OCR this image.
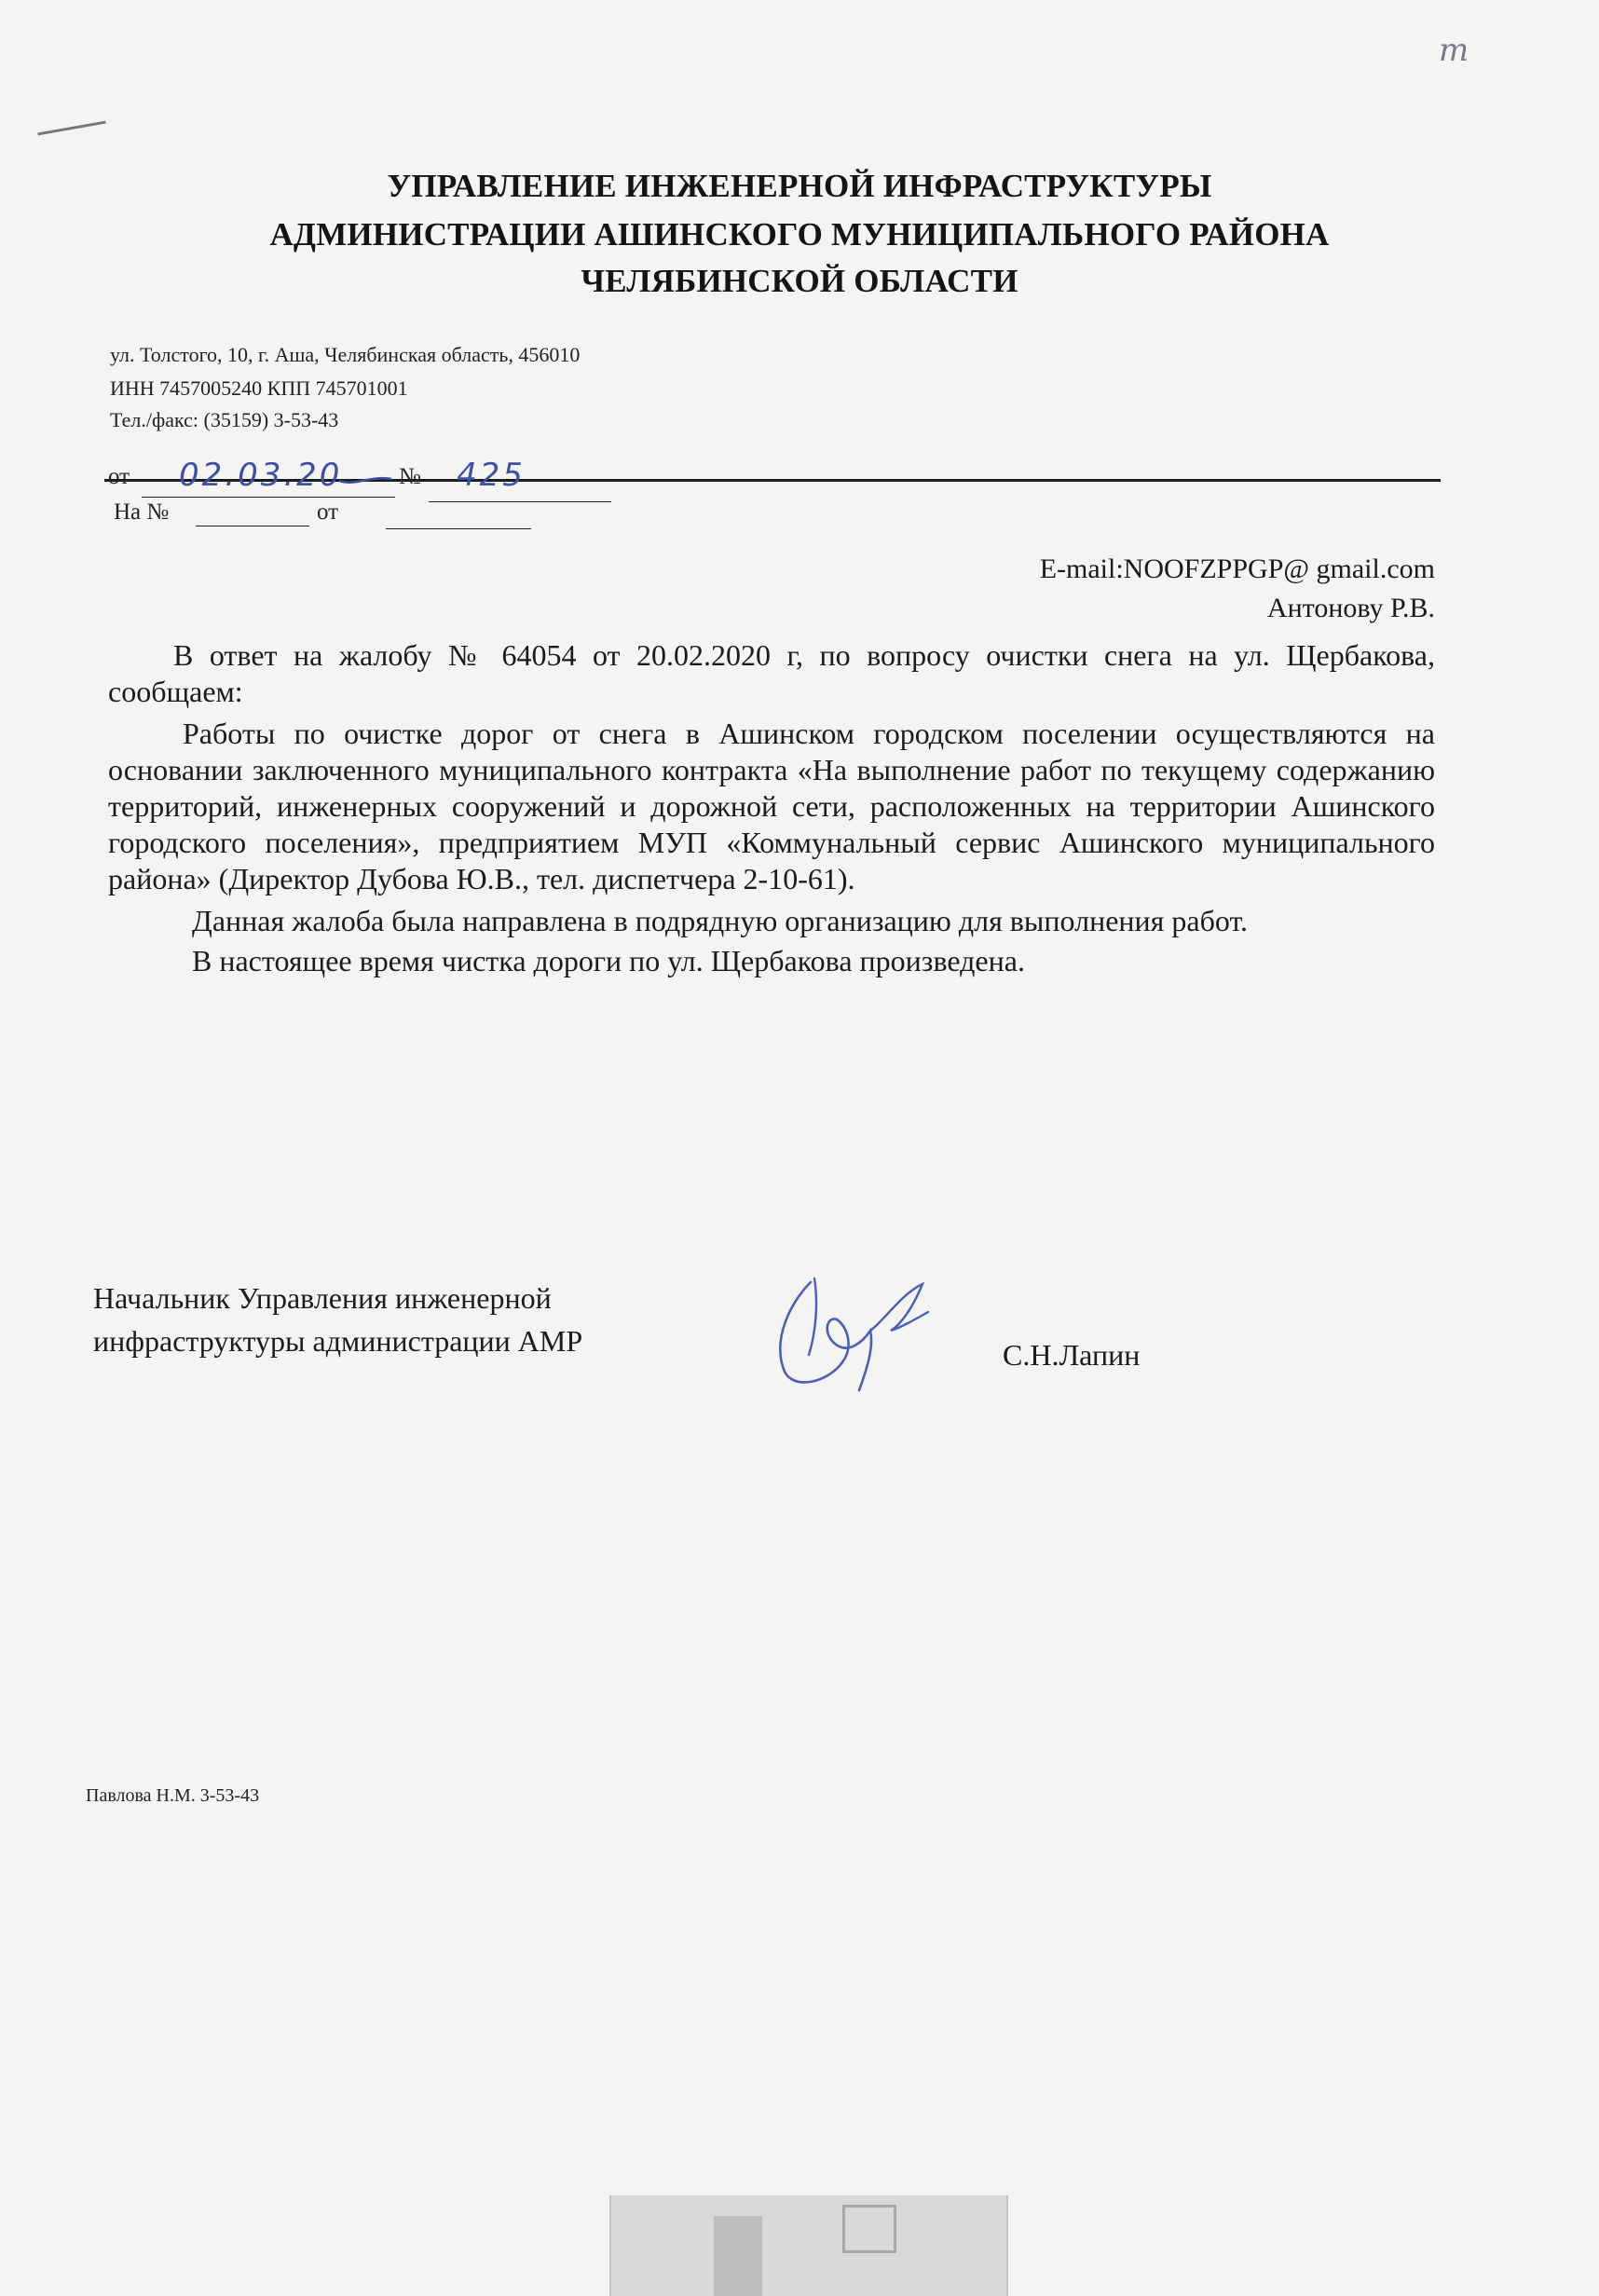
m
УПРАВЛЕНИЕ ИНЖЕНЕРНОЙ ИНФРАСТРУКТУРЫ
АДМИНИСТРАЦИИ АШИНСКОГО МУНИЦИПАЛЬНОГО РАЙОНА
ЧЕЛЯБИНСКОЙ ОБЛАСТИ
ул. Толстого, 10, г. Аша, Челябинская область, 456010
ИНН 7457005240 КПП 745701001
Тел./факс: (35159) 3-53-43
от 02.03.20 № 425
На №	от
E-mail:NOOFZPPGP@ gmail.com
Антонову Р.В.

В ответ на жалобу № 64054 от 20.02.2020 г, по вопросу очистки снега на ул. Щербакова, сообщаем:

Работы по очистке дорог от снега в Ашинском городском поселении осуществляются на основании заключенного муниципального контракта «На выполнение работ по текущему содержанию территорий, инженерных сооружений и дорожной сети, расположенных на территории Ашинского городского поселения», предприятием МУП «Коммунальный сервис Ашинского муниципального района» (Директор Дубова Ю.В., тел. диспетчера 2-10-61).

Данная жалоба была направлена в подрядную организацию для выполнения работ.

В настоящее время чистка дороги по ул. Щербакова произведена.

Начальник Управления инженерной
инфраструктуры администрации АМР	С.Н.Лапин
Павлова Н.М. 3-53-43
